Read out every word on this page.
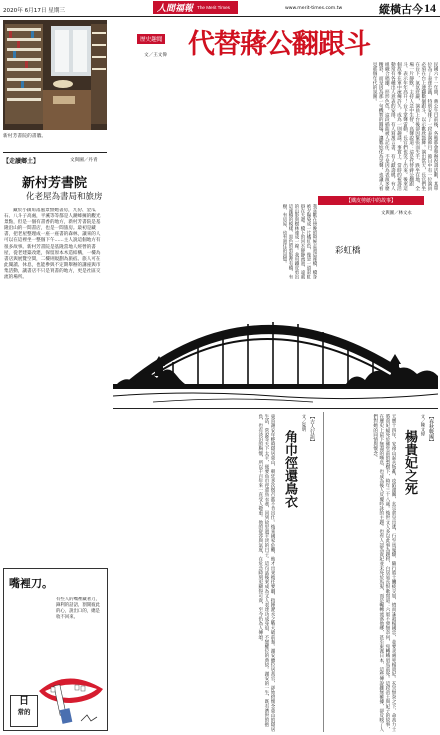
2020年 6月17日 星期三	人間福報 The Merit Times	www.merit-times.com.tw	縱橫古今 14
新村芳書院的書牆。
【走讀鄉土】	文與圖／丹青
新村芳書院
化老屋為書局和旅房
藏於小鎮角落風景無她書房，九份、金瓜石、八斗子高處，平溪等等都是人潮蜂擁的觀光景點，但是一個有書香的地方，新村芳書院是基隆沿山的一間書店，也是一間旅房。最初是藏書，把老屋整理成一座一座書的森林，讓來的人可以在這裡坐一整個下午……主人說這個地方有很多故事。新村芳書院是基隆當地人經營的書屋，從老建築改建，保留原本木造結構，一樓為書店與展覽空間，二樓則規劃為旅宿。旅人可在此閱讀、休息，也能參與不定期舉辦的講座與市集活動，讓書店不只是買書的地方，更是社區交流的場所。
嘴裡刀。
有些人的嘴裡藏著刀，鋒利的話語，割開彼此的心，說出口的，總是收不回來。
日
常的
歷史趣聞
文／王文偉 代替蔣公翻跟斗
民國六十一年間，蔣公生日前後，各地都會舉辦祝壽活動，某單位為了表達忠誠，特別安排了一段表演節目。節目中有一位演員必須在台上連翻數個跟斗，以示歡欣鼓舞。演出當天，長官們坐在台下，氣氛莊嚴，演員上台後卻因緊張而失手，跌坐在地，全場一片靜默。主持人急中生智，高聲說道：這是代替蔣公翻跟斗，表示年年高升！台下掌聲雷動，長官們也笑了出來。後來這個故事在軍中流傳許久，成為一則趣談。事實上，當時的祝壽活動常有各種出人意表的安排，有人寫萬言書，有人獻壽桃，有人組織合唱團，形形色色。這段插曲被人記住，不是因為表演多麼精彩，而是因為那一句機智的圓場，讓尷尬化為笑聲，也讓人看見那個年代的氛圍。
【鐵皮剪紙中的故事】
文與圖／林文永
彩虹橋
我喜歡在傍晚的時候走過這座橋，橋身被夕陽染成一片橘紅色，像是一道彩虹掛在天邊。橋下的河水靜靜流過，遠處的山影與樹林連成一線。我用鐵皮剪出這座橋的模樣，黑色的剪影裡有橋、有樹、有房屋，也有過往的回憶。
【古人行誼】
文／夏明
角巾徑還鳥衣
東晉謝安年輕時隱居東山，朝廷多次徵召都不肯出仕。後來國家危難，他才出來擔任要職，指揮淝水之戰大破前秦。謝安雖位居高官，卻始終懷念東山的隱居生活，常說等天下太平，便要角巾徑還鳥衣巷，回到故里過平淡的日子。這句話後來成為文人表達功成身退、不戀權位的典故。謝安的一生，既有濟世的抱負，也有淡泊的胸懷，所以千百年來一直受人敬重。他的從容與氣度，在危急時刻更顯得可貴，至今仍為人傳頌。	【春秋戰國】
文／陳文偉
楊貴妃之死
天寶十四年，安祿山起兵叛亂，攻陷潼關，玄宗倉皇出逃，行至馬嵬驛，隨行將士饑疲交加，憤而誅殺楊國忠，並要求處死楊貴妃。玄宗無奈之下，命高力士將貴妃縊死於佛堂前的梨樹下，時年三十八歲。後世文人多以此事為題材，白居易長恨歌寫道：六軍不發無奈何，宛轉蛾眉馬前死。這段帝王與妃子的故事，在歷史上留下無盡的嘆息，也成為後人反覆吟詠的主題。也有人認為貴妃並未死於馬嵬，而是輾轉流落他鄉，甚至東渡日本，這些傳說雖無確據，卻反映了人們對她的同情與懷念。
